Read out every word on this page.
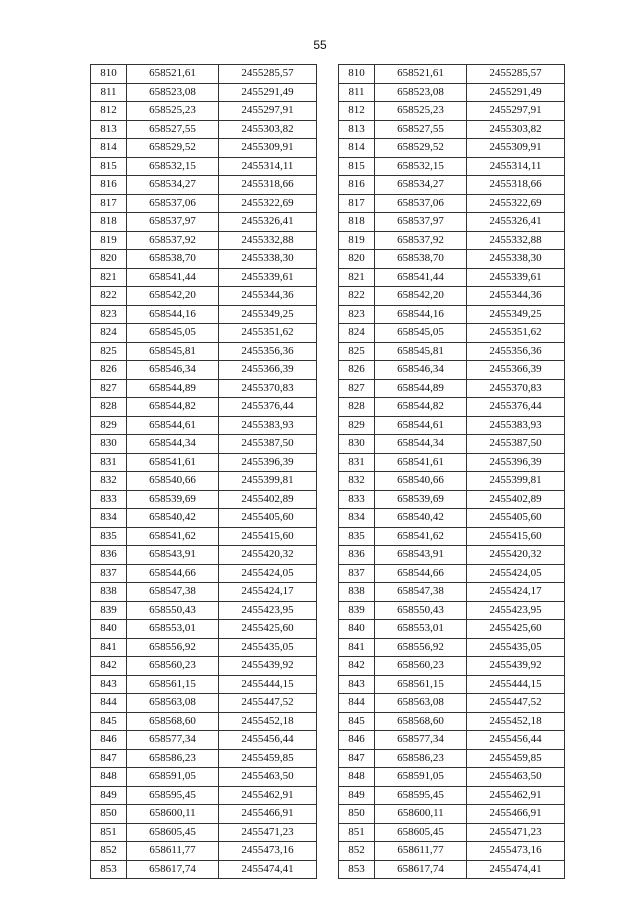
55
810	658521,61	2455285,57
811	658523,08	2455291,49
812	658525,23	2455297,91
813	658527,55	2455303,82
814	658529,52	2455309,91
815	658532,15	2455314,11
816	658534,27	2455318,66
817	658537,06	2455322,69
818	658537,97	2455326,41
819	658537,92	2455332,88
820	658538,70	2455338,30
821	658541,44	2455339,61
822	658542,20	2455344,36
823	658544,16	2455349,25
824	658545,05	2455351,62
825	658545,81	2455356,36
826	658546,34	2455366,39
827	658544,89	2455370,83
828	658544,82	2455376,44
829	658544,61	2455383,93
830	658544,34	2455387,50
831	658541,61	2455396,39
832	658540,66	2455399,81
833	658539,69	2455402,89
834	658540,42	2455405,60
835	658541,62	2455415,60
836	658543,91	2455420,32
837	658544,66	2455424,05
838	658547,38	2455424,17
839	658550,43	2455423,95
840	658553,01	2455425,60
841	658556,92	2455435,05
842	658560,23	2455439,92
843	658561,15	2455444,15
844	658563,08	2455447,52
845	658568,60	2455452,18
846	658577,34	2455456,44
847	658586,23	2455459,85
848	658591,05	2455463,50
849	658595,45	2455462,91
850	658600,11	2455466,91
851	658605,45	2455471,23
852	658611,77	2455473,16
853	658617,74	2455474,41
810	658521,61	2455285,57
811	658523,08	2455291,49
812	658525,23	2455297,91
813	658527,55	2455303,82
814	658529,52	2455309,91
815	658532,15	2455314,11
816	658534,27	2455318,66
817	658537,06	2455322,69
818	658537,97	2455326,41
819	658537,92	2455332,88
820	658538,70	2455338,30
821	658541,44	2455339,61
822	658542,20	2455344,36
823	658544,16	2455349,25
824	658545,05	2455351,62
825	658545,81	2455356,36
826	658546,34	2455366,39
827	658544,89	2455370,83
828	658544,82	2455376,44
829	658544,61	2455383,93
830	658544,34	2455387,50
831	658541,61	2455396,39
832	658540,66	2455399,81
833	658539,69	2455402,89
834	658540,42	2455405,60
835	658541,62	2455415,60
836	658543,91	2455420,32
837	658544,66	2455424,05
838	658547,38	2455424,17
839	658550,43	2455423,95
840	658553,01	2455425,60
841	658556,92	2455435,05
842	658560,23	2455439,92
843	658561,15	2455444,15
844	658563,08	2455447,52
845	658568,60	2455452,18
846	658577,34	2455456,44
847	658586,23	2455459,85
848	658591,05	2455463,50
849	658595,45	2455462,91
850	658600,11	2455466,91
851	658605,45	2455471,23
852	658611,77	2455473,16
853	658617,74	2455474,41
